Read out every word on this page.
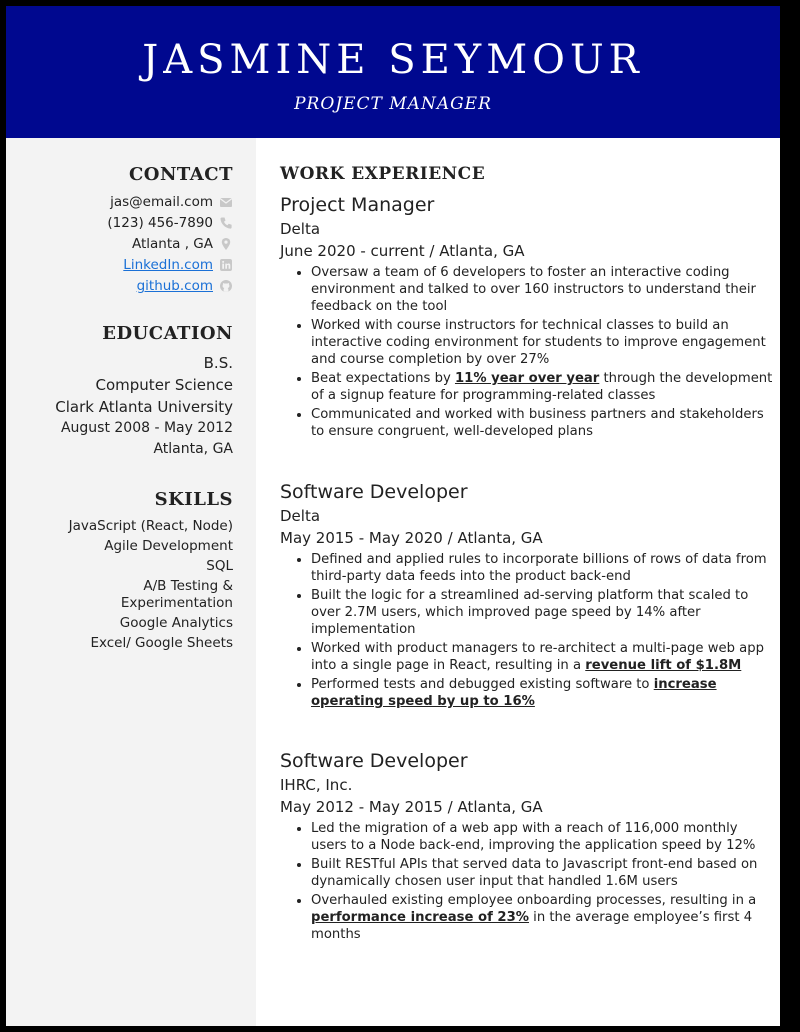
JASMINE SEYMOUR
PROJECT MANAGER
CONTACT
jas@email.com
(123) 456-7890
Atlanta , GA
LinkedIn.com
github.com
EDUCATION
B.S.
Computer Science
Clark Atlanta University
August 2008 - May 2012
Atlanta, GA
SKILLS
JavaScript (React, Node)
Agile Development
SQL
A/B Testing &
Experimentation
Google Analytics
Excel/ Google Sheets
WORK EXPERIENCE
Project Manager
Delta
June 2020 - current / Atlanta, GA
• Oversaw a team of 6 developers to foster an interactive coding environment and talked to over 160 instructors to understand their feedback on the tool
• Worked with course instructors for technical classes to build an interactive coding environment for students to improve engagement and course completion by over 27%
• Beat expectations by 11% year over year through the development of a signup feature for programming-related classes
• Communicated and worked with business partners and stakeholders to ensure congruent, well-developed plans
Software Developer
Delta
May 2015 - May 2020 / Atlanta, GA
• Defined and applied rules to incorporate billions of rows of data from third-party data feeds into the product back-end
• Built the logic for a streamlined ad-serving platform that scaled to over 2.7M users, which improved page speed by 14% after implementation
• Worked with product managers to re-architect a multi-page web app into a single page in React, resulting in a revenue lift of $1.8M
• Performed tests and debugged existing software to increase operating speed by up to 16%
Software Developer
IHRC, Inc.
May 2012 - May 2015 / Atlanta, GA
• Led the migration of a web app with a reach of 116,000 monthly users to a Node back-end, improving the application speed by 12%
• Built RESTful APIs that served data to Javascript front-end based on dynamically chosen user input that handled 1.6M users
• Overhauled existing employee onboarding processes, resulting in a performance increase of 23% in the average employee’s first 4 months
